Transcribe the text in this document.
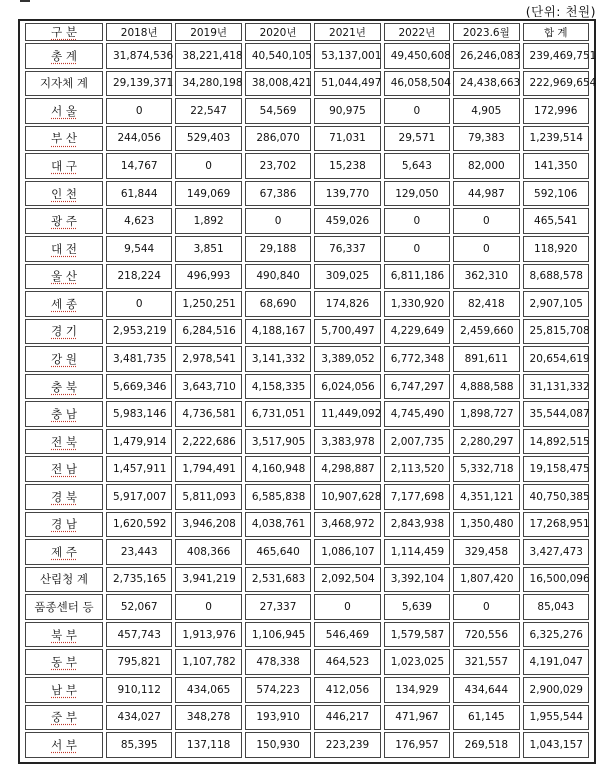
(단위: 천원)
구 분	2018년	2019년	2020년	2021년	2022년	2023.6월	합 계
총 계	31,874,536	38,221,418	40,540,105	53,137,001	49,450,608	26,246,083	239,469,751
지자체 계	29,139,371	34,280,198	38,008,421	51,044,497	46,058,504	24,438,663	222,969,654
서 울	0	22,547	54,569	90,975	0	4,905	172,996
부 산	244,056	529,403	286,070	71,031	29,571	79,383	1,239,514
대 구	14,767	0	23,702	15,238	5,643	82,000	141,350
인 천	61,844	149,069	67,386	139,770	129,050	44,987	592,106
광 주	4,623	1,892	0	459,026	0	0	465,541
대 전	9,544	3,851	29,188	76,337	0	0	118,920
울 산	218,224	496,993	490,840	309,025	6,811,186	362,310	8,688,578
세 종	0	1,250,251	68,690	174,826	1,330,920	82,418	2,907,105
경 기	2,953,219	6,284,516	4,188,167	5,700,497	4,229,649	2,459,660	25,815,708
강 원	3,481,735	2,978,541	3,141,332	3,389,052	6,772,348	891,611	20,654,619
충 북	5,669,346	3,643,710	4,158,335	6,024,056	6,747,297	4,888,588	31,131,332
충 남	5,983,146	4,736,581	6,731,051	11,449,092	4,745,490	1,898,727	35,544,087
전 북	1,479,914	2,222,686	3,517,905	3,383,978	2,007,735	2,280,297	14,892,515
전 남	1,457,911	1,794,491	4,160,948	4,298,887	2,113,520	5,332,718	19,158,475
경 북	5,917,007	5,811,093	6,585,838	10,907,628	7,177,698	4,351,121	40,750,385
경 남	1,620,592	3,946,208	4,038,761	3,468,972	2,843,938	1,350,480	17,268,951
제 주	23,443	408,366	465,640	1,086,107	1,114,459	329,458	3,427,473
산림청 계	2,735,165	3,941,219	2,531,683	2,092,504	3,392,104	1,807,420	16,500,096
품종센터 등	52,067	0	27,337	0	5,639	0	85,043
북 부	457,743	1,913,976	1,106,945	546,469	1,579,587	720,556	6,325,276
동 부	795,821	1,107,782	478,338	464,523	1,023,025	321,557	4,191,047
남 부	910,112	434,065	574,223	412,056	134,929	434,644	2,900,029
중 부	434,027	348,278	193,910	446,217	471,967	61,145	1,955,544
서 부	85,395	137,118	150,930	223,239	176,957	269,518	1,043,157
